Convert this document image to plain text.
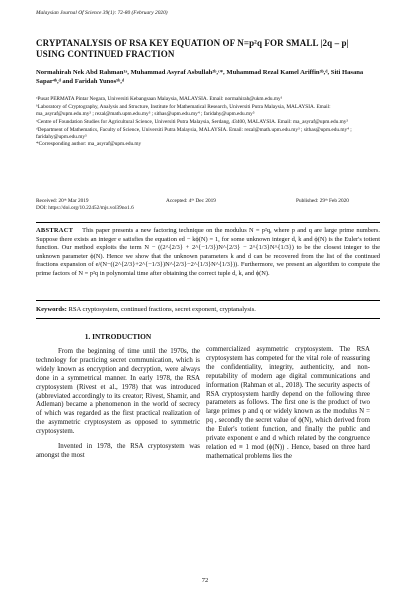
Malaysian Journal Of Science 39(1): 72-80 (February 2020)
CRYPTANALYSIS OF RSA KEY EQUATION OF N=p²q FOR SMALL |2q – p| USING CONTINUED FRACTION
Normahirah Nek Abd Rahman¹ᵃ, Muhammad Asyraf Asbullah²ᵇ,ᶜ*, Muhammad Rezal Kamel Ariffin³ᵇ,ᵈ, Siti Hasana Sapar⁴ᵇ,ᵈ and Faridah Yunos⁵ᵇ,ᵈ
ᵃPusat PERMATA Pintar Negara, Universiti Kebangsaan Malaysia, MALAYSIA. Email: normahirah@ukm.edu.my¹
ᵇLaboratory of Cryptography, Analysis and Structure, Institute for Mathematical Research, Universiti Putra Malaysia, MALAYSIA. Email: ma_asyraf@upm.edu.my² ; rezal@math.upm.edu.my³ ; sithas@upm.edu.my⁴ ; faridahy@upm.edu.my⁵
ᶜCentre of Foundation Studies for Agricultural Science, Universiti Putra Malaysia, Serdang, 43400, MALAYSIA. Email: ma_asyraf@upm.edu.my²
ᵈDepartment of Mathematics, Faculty of Science, Universiti Putra Malaysia, MALAYSIA. Email: rezal@math.upm.edu.my³ ; sithas@upm.edu.my⁴ ; faridahy@upm.edu.my⁵
*Corresponding author: ma_asyraf@upm.edu.my
Received: 20ᵗʰ Mar 2019	Accepted: 4ᵗʰ Dec 2019	Published: 29ᵗʰ Feb 2020
DOI: https://doi.org/10.22452/mjs.vol39no1.6
ABSTRACT This paper presents a new factoring technique on the modulus N = p²q, where p and q are large prime numbers. Suppose there exists an integer e satisfies the equation ed − kϕ(N) = 1, for some unknown integer d, k and ϕ(N) is the Euler's totient function. Our method exploits the term N − ((2^{2/3} + 2^{−1/3})N^{2/3} − 2^{1/3}N^{1/3}) to be the closest integer to the unknown parameter ϕ(N). Hence we show that the unknown parameters k and d can be recovered from the list of the continued fractions expansion of e/(N−((2^{2/3}+2^{−1/3})N^{2/3}−2^{1/3}N^{1/3})). Furthermore, we present an algorithm to compute the prime factors of N = p²q in polynomial time after obtaining the correct tuple d, k, and ϕ(N).
Keywords: RSA cryptosystem, continued fractions, secret exponent, cryptanalysis.
1. INTRODUCTION

From the beginning of time until the 1970s, the technology for practicing secret communication, which is widely known as encryption and decryption, were always done in a symmetrical manner. In early 1978, the RSA cryptosystem (Rivest et al., 1978) that was introduced (abbreviated accordingly to its creator; Rivest, Shamir, and Adleman) became a phenomenon in the world of secrecy of which was regarded as the first practical realization of the asymmetric cryptosystem as opposed to symmetric cryptosystem.

Invented in 1978, the RSA cryptosystem was amongst the most

commercialized asymmetric cryptosystem. The RSA cryptosystem has competed for the vital role of reassuring the confidentiality, integrity, authenticity, and non-reputability of modern age digital communications and information (Rahman et al., 2018). The security aspects of RSA cryptosystem hardly depend on the following three parameters as follows. The first one is the product of two large primes p and q or widely known as the modulus N = pq , secondly the secret value of ϕ(N), which derived from the Euler's totient function, and finally the public and private exponent e and d which related by the congruence relation ed ≡ 1 mod (ϕ(N)) . Hence, based on three hard mathematical problems lies the

72
